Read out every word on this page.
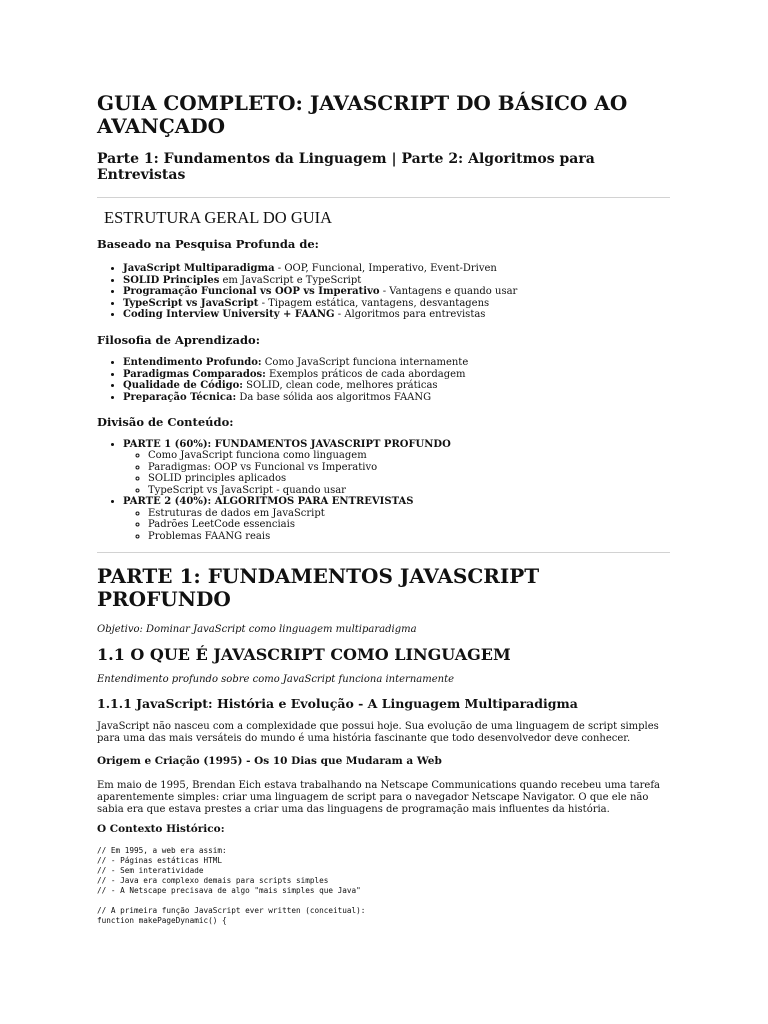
GUIA COMPLETO: JAVASCRIPT DO BÁSICO AO AVANÇADO
Parte 1: Fundamentos da Linguagem | Parte 2: Algoritmos para Entrevistas
ESTRUTURA GERAL DO GUIA
Baseado na Pesquisa Profunda de:
• JavaScript Multiparadigma - OOP, Funcional, Imperativo, Event-Driven
• SOLID Principles em JavaScript e TypeScript
• Programação Funcional vs OOP vs Imperativo - Vantagens e quando usar
• TypeScript vs JavaScript - Tipagem estática, vantagens, desvantagens
• Coding Interview University + FAANG - Algoritmos para entrevistas
Filosofia de Aprendizado:
• Entendimento Profundo: Como JavaScript funciona internamente
• Paradigmas Comparados: Exemplos práticos de cada abordagem
• Qualidade de Código: SOLID, clean code, melhores práticas
• Preparação Técnica: Da base sólida aos algoritmos FAANG
Divisão de Conteúdo:
• PARTE 1 (60%): FUNDAMENTOS JAVASCRIPT PROFUNDO
◦ Como JavaScript funciona como linguagem
◦ Paradigmas: OOP vs Funcional vs Imperativo
◦ SOLID principles aplicados
◦ TypeScript vs JavaScript - quando usar
• PARTE 2 (40%): ALGORITMOS PARA ENTREVISTAS
◦ Estruturas de dados em JavaScript
◦ Padrões LeetCode essenciais
◦ Problemas FAANG reais
PARTE 1: FUNDAMENTOS JAVASCRIPT PROFUNDO

Objetivo: Dominar JavaScript como linguagem multiparadigma

1.1 O QUE É JAVASCRIPT COMO LINGUAGEM

Entendimento profundo sobre como JavaScript funciona internamente

1.1.1 JavaScript: História e Evolução - A Linguagem Multiparadigma

JavaScript não nasceu com a complexidade que possui hoje. Sua evolução de uma linguagem de script simples para uma das mais versáteis do mundo é uma história fascinante que todo desenvolvedor deve conhecer.

Origem e Criação (1995) - Os 10 Dias que Mudaram a Web

Em maio de 1995, Brendan Eich estava trabalhando na Netscape Communications quando recebeu uma tarefa aparentemente simples: criar uma linguagem de script para o navegador Netscape Navigator. O que ele não sabia era que estava prestes a criar uma das linguagens de programação mais influentes da história.

O Contexto Histórico:
// Em 1995, a web era assim:
// - Páginas estáticas HTML
// - Sem interatividade
// - Java era complexo demais para scripts simples
// - A Netscape precisava de algo "mais simples que Java"
// A primeira função JavaScript ever written (conceitual):
function makePageDynamic() {
